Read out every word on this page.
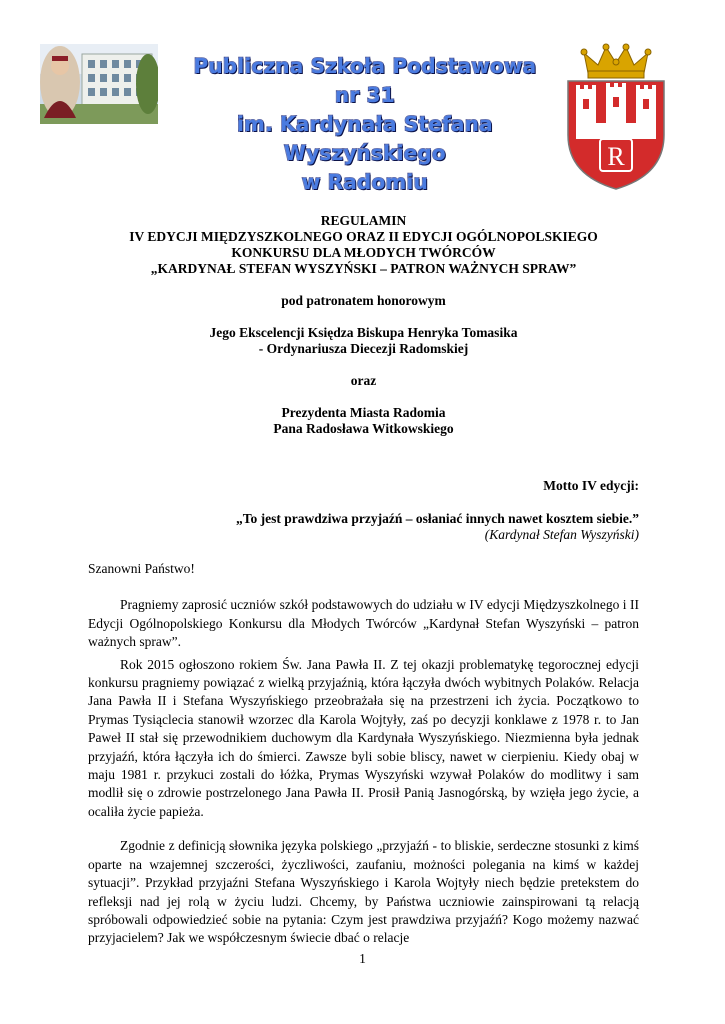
Publiczna Szkoła Podstawowa nr 31
im. Kardynała Stefana Wyszyńskiego
w Radomiu
R
REGULAMIN
IV EDYCJI MIĘDZYSZKOLNEGO ORAZ II EDYCJI OGÓLNOPOLSKIEGO
KONKURSU DLA MŁODYCH TWÓRCÓW
„KARDYNAŁ STEFAN WYSZYŃSKI – PATRON WAŻNYCH SPRAW”
pod patronatem honorowym
Jego Ekscelencji Księdza Biskupa Henryka Tomasika
- Ordynariusza Diecezji Radomskiej
oraz
Prezydenta Miasta Radomia
Pana Radosława Witkowskiego
Motto IV edycji:
„To jest prawdziwa przyjaźń – osłaniać innych nawet kosztem siebie.”
(Kardynał Stefan Wyszyński)

Szanowni Państwo!

Pragniemy zaprosić uczniów szkół podstawowych do udziału w IV edycji Międzyszkolnego i II Edycji Ogólnopolskiego Konkursu dla Młodych Twórców „Kardynał Stefan Wyszyński – patron ważnych spraw”.

Rok 2015 ogłoszono rokiem Św. Jana Pawła II. Z tej okazji problematykę tegorocznej edycji konkursu pragniemy powiązać z wielką przyjaźnią, która łączyła dwóch wybitnych Polaków. Relacja Jana Pawła II i Stefana Wyszyńskiego przeobrażała się na przestrzeni ich życia. Początkowo to Prymas Tysiąclecia stanowił wzorzec dla Karola Wojtyły, zaś po decyzji konklawe z 1978 r. to Jan Paweł II stał się przewodnikiem duchowym dla Kardynała Wyszyńskiego. Niezmienna była jednak przyjaźń, która łączyła ich do śmierci. Zawsze byli sobie bliscy, nawet w cierpieniu. Kiedy obaj w maju 1981 r. przykuci zostali do łóżka, Prymas Wyszyński wzywał Polaków do modlitwy i sam modlił się o zdrowie postrzelonego Jana Pawła II. Prosił Panią Jasnogórską, by wzięła jego życie, a ocaliła życie papieża.

Zgodnie z definicją słownika języka polskiego „przyjaźń - to bliskie, serdeczne stosunki z kimś oparte na wzajemnej szczerości, życzliwości, zaufaniu, możności polegania na kimś w każdej sytuacji”. Przykład przyjaźni Stefana Wyszyńskiego i Karola Wojtyły niech będzie pretekstem do refleksji nad jej rolą w życiu ludzi. Chcemy, by Państwa uczniowie zainspirowani tą relacją spróbowali odpowiedzieć sobie na pytania: Czym jest prawdziwa przyjaźń? Kogo możemy nazwać przyjacielem? Jak we współczesnym świecie dbać o relacje

1
